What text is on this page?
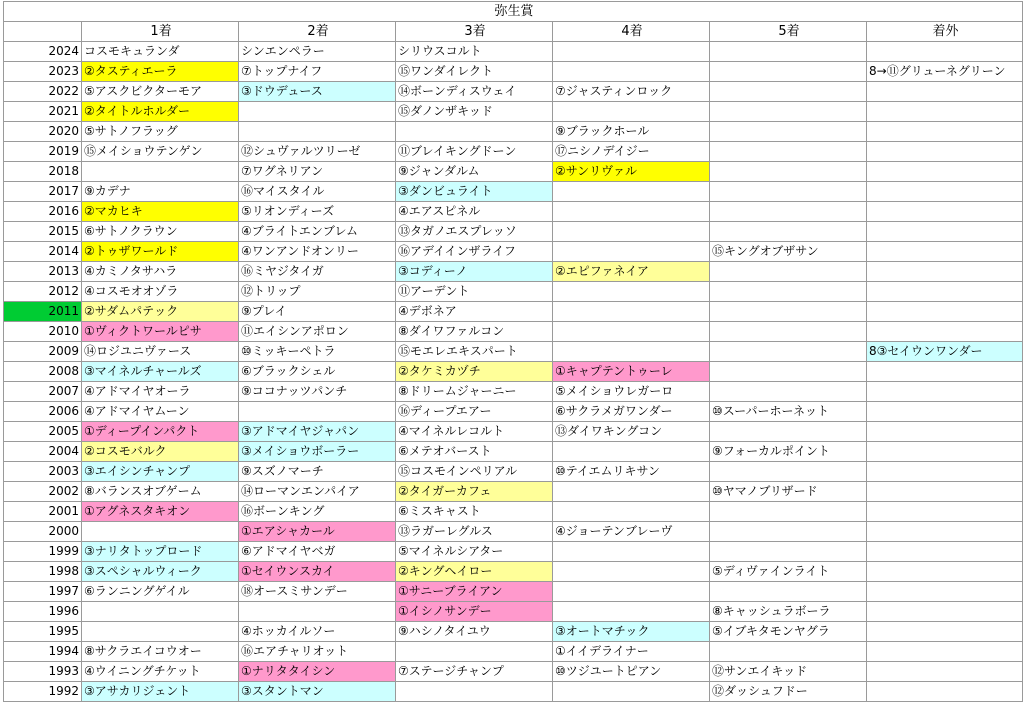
弥生賞						
	1着	2着	3着	4着	5着	着外
2024	コスモキュランダ	シンエンペラー	シリウスコルト			
2023	②タスティエーラ	⑦トップナイフ	⑮ワンダイレクト			8→⑪グリューネグリーン
2022	⑤アスクビクターモア	③ドウデュース	⑭ボーンディスウェイ	⑦ジャスティンロック		
2021	②タイトルホルダー		⑮ダノンザキッド			
2020	⑤サトノフラッグ			⑨ブラックホール		
2019	⑮メイショウテンゲン	⑫シュヴァルツリーゼ	⑪ブレイキングドーン	⑰ニシノデイジー		
2018		⑦ワグネリアン	⑨ジャンダルム	②サンリヴァル		
2017	⑨カデナ	⑯マイスタイル	③ダンビュライト			
2016	②マカヒキ	⑤リオンディーズ	④エアスピネル			
2015	⑥サトノクラウン	④ブライトエンブレム	⑬タガノエスプレッソ			
2014	②トゥザワールド	④ワンアンドオンリー	⑯アデイインザライフ		⑮キングオブザサン	
2013	④カミノタサハラ	⑯ミヤジタイガ	③コディーノ	②エピファネイア		
2012	④コスモオオゾラ	⑫トリップ	⑪アーデント			
2011	②サダムパテック	⑨プレイ	④デボネア			
2010	①ヴィクトワールピサ	⑪エイシンアポロン	⑧ダイワファルコン			
2009	⑭ロジユニヴァース	⑩ミッキーペトラ	⑮モエレエキスパート			8③セイウンワンダー
2008	③マイネルチャールズ	⑥ブラックシェル	②タケミカヅチ	①キャプテントゥーレ		
2007	④アドマイヤオーラ	⑨ココナッツパンチ	⑧ドリームジャーニー	⑤メイショウレガーロ		
2006	④アドマイヤムーン		⑯ディープエアー	⑥サクラメガワンダー	⑩スーパーホーネット	
2005	①ディープインパクト	③アドマイヤジャパン	④マイネルレコルト	⑬ダイワキングコン		
2004	②コスモバルク	③メイショウボーラー	⑥メテオバースト		⑨フォーカルポイント	
2003	③エイシンチャンプ	⑨スズノマーチ	⑮コスモインペリアル	⑩テイエムリキサン		
2002	⑧バランスオブゲーム	⑭ローマンエンパイア	②タイガーカフェ		⑩ヤマノブリザード	
2001	①アグネスタキオン	⑯ボーンキング	⑥ミスキャスト			
2000		①エアシャカール	⑬ラガーレグルス	④ジョーテンブレーヴ		
1999	③ナリタトップロード	⑥アドマイヤベガ	⑤マイネルシアター			
1998	③スペシャルウィーク	①セイウンスカイ	②キングヘイロー		⑤ディヴァインライト	
1997	⑥ランニングゲイル	⑱オースミサンデー	①サニーブライアン			
1996			①イシノサンデー		⑧キャッシュラボーラ	
1995		④ホッカイルソー	⑨ハシノタイユウ	③オートマチック	⑤イブキタモンヤグラ	
1994	⑧サクラエイコウオー	⑯エアチャリオット		①イイデライナー		
1993	④ウイニングチケット	①ナリタタイシン	⑦ステージチャンプ	⑩ツジユートピアン	⑫サンエイキッド	
1992	③アサカリジェント	③スタントマン			⑫ダッシュフドー	
